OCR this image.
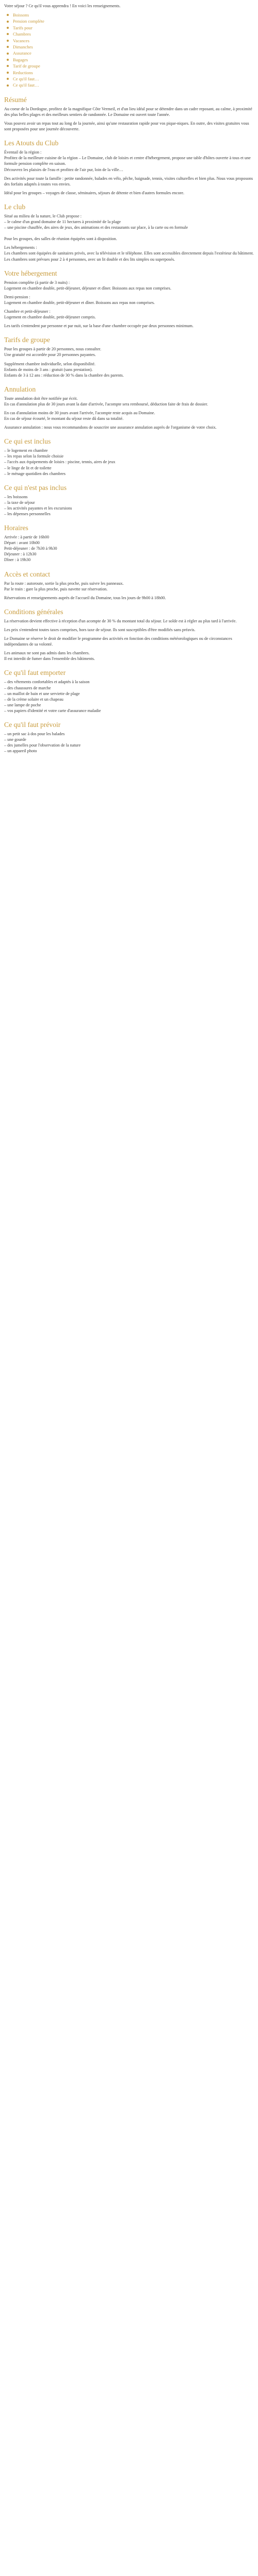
Votre séjour ? Ce qu'il vous apprendra ! En voici les renseignements.

Boissons
Pension complète
Tarifs pour
Chambres
Vacances
Dimanches
Assurance
Bagages
Tarif de groupe
Reductions
Ce qu'il faut…
Ce qu'il faut…
Résumé

Au coeur de la Dordogne, profitez de la magnifique Côte Vermeil, et d'un lieu idéal pour se détendre dans un cadre reposant, au calme, à proximité des plus belles plages et des meilleurs sentiers de randonnée. Le Domaine est ouvert toute l'année.

Vous pouvez avoir un repas tout au long de la journée, ainsi qu'une restauration rapide pour vos pique-niques. En outre, des visites gratuites vous sont proposées pour une journée découverte.

Les Atouts du Club

Éventail de la région :
Profitez de la meilleure cuisine de la région – Le Domaine, club de loisirs et centre d'hébergement, propose une table d'hôtes ouverte à tous et une formule pension complète en saison.
Découvrez les plaisirs de l'eau et profitez de l'air pur, loin de la ville…

Des activités pour toute la famille : petite randonnée, balades en vélo, pêche, baignade, tennis, visites culturelles et bien plus. Nous vous proposons des forfaits adaptés à toutes vos envies.

Idéal pour les groupes – voyages de classe, séminaires, séjours de détente et bien d'autres formules encore.

Le club

Situé au milieu de la nature, le Club propose :
– le calme d'un grand domaine de 11 hectares à proximité de la plage
– une piscine chauffée, des aires de jeux, des animations et des restaurants sur place, à la carte ou en formule

Pour les groupes, des salles de réunion équipées sont à disposition.

Les hébergements :
Les chambres sont équipées de sanitaires privés, avec la télévision et le téléphone. Elles sont accessibles directement depuis l'extérieur du bâtiment.
Les chambres sont prévues pour 2 à 4 personnes, avec un lit double et des lits simples ou superposés.

Votre hébergement

Pension complète (à partir de 3 nuits) :
Logement en chambre double, petit-déjeuner, déjeuner et dîner. Boissons aux repas non comprises.

Demi-pension :
Logement en chambre double, petit-déjeuner et dîner. Boissons aux repas non comprises.

Chambre et petit-déjeuner :
Logement en chambre double, petit-déjeuner compris.

Les tarifs s'entendent par personne et par nuit, sur la base d'une chambre occupée par deux personnes minimum.

Tarifs de groupe

Pour les groupes à partir de 20 personnes, nous consulter.
Une gratuité est accordée pour 20 personnes payantes.

Supplément chambre individuelle, selon disponibilité.
Enfants de moins de 3 ans : gratuit (sans prestation).
Enfants de 3 à 12 ans : réduction de 30 % dans la chambre des parents.

Annulation

Toute annulation doit être notifiée par écrit.
En cas d'annulation plus de 30 jours avant la date d'arrivée, l'acompte sera remboursé, déduction faite de frais de dossier.

En cas d'annulation moins de 30 jours avant l'arrivée, l'acompte reste acquis au Domaine.
En cas de séjour écourté, le montant du séjour reste dû dans sa totalité.

Assurance annulation : nous vous recommandons de souscrire une assurance annulation auprès de l'organisme de votre choix.

Ce qui est inclus

– le logement en chambre
– les repas selon la formule choisie
– l'accès aux équipements de loisirs : piscine, tennis, aires de jeux
– le linge de lit et de toilette
– le ménage quotidien des chambres

Ce qui n'est pas inclus

– les boissons
– la taxe de séjour
– les activités payantes et les excursions
– les dépenses personnelles

Horaires

Arrivée : à partir de 16h00
Départ : avant 10h00
Petit-déjeuner : de 7h30 à 9h30
Déjeuner : à 12h30
Dîner : à 19h30

Accès et contact

Par la route : autoroute, sortie la plus proche, puis suivre les panneaux.
Par le train : gare la plus proche, puis navette sur réservation.

Réservations et renseignements auprès de l'accueil du Domaine, tous les jours de 9h00 à 18h00.

Conditions générales

La réservation devient effective à réception d'un acompte de 30 % du montant total du séjour. Le solde est à régler au plus tard à l'arrivée.

Les prix s'entendent toutes taxes comprises, hors taxe de séjour. Ils sont susceptibles d'être modifiés sans préavis.

Le Domaine se réserve le droit de modifier le programme des activités en fonction des conditions météorologiques ou de circonstances indépendantes de sa volonté.

Les animaux ne sont pas admis dans les chambres.
Il est interdit de fumer dans l'ensemble des bâtiments.

Ce qu'il faut emporter

– des vêtements confortables et adaptés à la saison
– des chaussures de marche
– un maillot de bain et une serviette de plage
– de la crème solaire et un chapeau
– une lampe de poche
– vos papiers d'identité et votre carte d'assurance maladie

Ce qu'il faut prévoir

– un petit sac à dos pour les balades
– une gourde
– des jumelles pour l'observation de la nature
– un appareil photo
